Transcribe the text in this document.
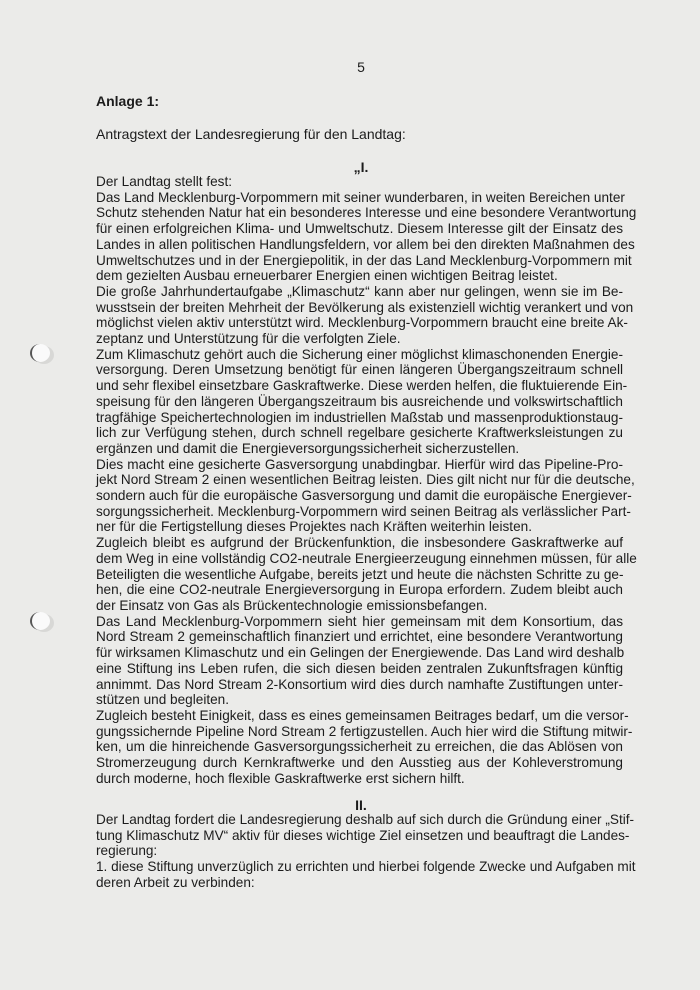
5
Anlage 1:
Antragstext der Landesregierung für den Landtag:
„I.
Der Landtag stellt fest:

Das Land Mecklenburg-Vorpommern mit seiner wunderbaren, in weiten Bereichen unter
Schutz stehenden Natur hat ein besonderes Interesse und eine besondere Verantwortung
für einen erfolgreichen Klima- und Umweltschutz. Diesem Interesse gilt der Einsatz des
Landes in allen politischen Handlungsfeldern, vor allem bei den direkten Maßnahmen des
Umweltschutzes und in der Energiepolitik, in der das Land Mecklenburg-Vorpommern mit
dem gezielten Ausbau erneuerbarer Energien einen wichtigen Beitrag leistet.

Die große Jahrhundertaufgabe „Klimaschutz“ kann aber nur gelingen, wenn sie im Be-
wusstsein der breiten Mehrheit der Bevölkerung als existenziell wichtig verankert und von
möglichst vielen aktiv unterstützt wird. Mecklenburg-Vorpommern braucht eine breite Ak-
zeptanz und Unterstützung für die verfolgten Ziele.

Zum Klimaschutz gehört auch die Sicherung einer möglichst klimaschonenden Energie-
versorgung. Deren Umsetzung benötigt für einen längeren Übergangszeitraum schnell
und sehr flexibel einsetzbare Gaskraftwerke. Diese werden helfen, die fluktuierende Ein-
speisung für den längeren Übergangszeitraum bis ausreichende und volkswirtschaftlich
tragfähige Speichertechnologien im industriellen Maßstab und massenproduktionstaug-
lich zur Verfügung stehen, durch schnell regelbare gesicherte Kraftwerksleistungen zu
ergänzen und damit die Energieversorgungssicherheit sicherzustellen.

Dies macht eine gesicherte Gasversorgung unabdingbar. Hierfür wird das Pipeline-Pro-
jekt Nord Stream 2 einen wesentlichen Beitrag leisten. Dies gilt nicht nur für die deutsche,
sondern auch für die europäische Gasversorgung und damit die europäische Energiever-
sorgungssicherheit. Mecklenburg-Vorpommern wird seinen Beitrag als verlässlicher Part-
ner für die Fertigstellung dieses Projektes nach Kräften weiterhin leisten.

Zugleich bleibt es aufgrund der Brückenfunktion, die insbesondere Gaskraftwerke auf
dem Weg in eine vollständig CO2-neutrale Energieerzeugung einnehmen müssen, für alle
Beteiligten die wesentliche Aufgabe, bereits jetzt und heute die nächsten Schritte zu ge-
hen, die eine CO2-neutrale Energieversorgung in Europa erfordern. Zudem bleibt auch
der Einsatz von Gas als Brückentechnologie emissionsbefangen.

Das Land Mecklenburg-Vorpommern sieht hier gemeinsam mit dem Konsortium, das
Nord Stream 2 gemeinschaftlich finanziert und errichtet, eine besondere Verantwortung
für wirksamen Klimaschutz und ein Gelingen der Energiewende. Das Land wird deshalb
eine Stiftung ins Leben rufen, die sich diesen beiden zentralen Zukunftsfragen künftig
annimmt. Das Nord Stream 2-Konsortium wird dies durch namhafte Zustiftungen unter-
stützen und begleiten.

Zugleich besteht Einigkeit, dass es eines gemeinsamen Beitrages bedarf, um die versor-
gungssichernde Pipeline Nord Stream 2 fertigzustellen. Auch hier wird die Stiftung mitwir-
ken, um die hinreichende Gasversorgungssicherheit zu erreichen, die das Ablösen von
Stromerzeugung durch Kernkraftwerke und den Ausstieg aus der Kohleverstromung
durch moderne, hoch flexible Gaskraftwerke erst sichern hilft.

II.

Der Landtag fordert die Landesregierung deshalb auf sich durch die Gründung einer „Stif-
tung Klimaschutz MV“ aktiv für dieses wichtige Ziel einsetzen und beauftragt die Landes-
regierung:

1. diese Stiftung unverzüglich zu errichten und hierbei folgende Zwecke und Aufgaben mit
deren Arbeit zu verbinden:
